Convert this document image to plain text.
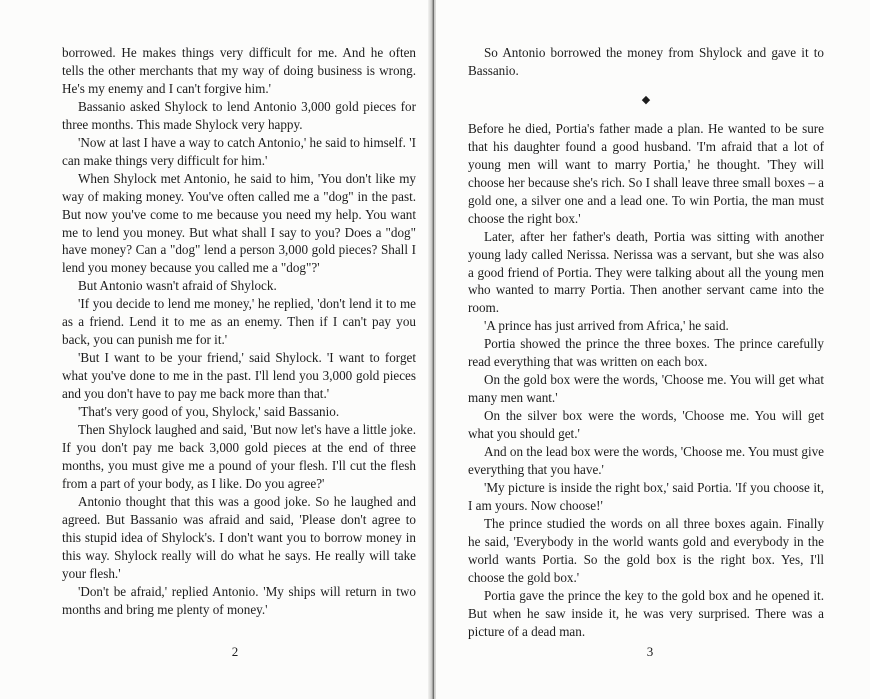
borrowed. He makes things very difficult for me. And he often tells the other merchants that my way of doing business is wrong. He's my enemy and I can't forgive him.'

Bassanio asked Shylock to lend Antonio 3,000 gold pieces for three months. This made Shylock very happy.

'Now at last I have a way to catch Antonio,' he said to himself. 'I can make things very difficult for him.'

When Shylock met Antonio, he said to him, 'You don't like my way of making money. You've often called me a "dog" in the past. But now you've come to me because you need my help. You want me to lend you money. But what shall I say to you? Does a "dog" have money? Can a "dog" lend a person 3,000 gold pieces? Shall I lend you money because you called me a "dog"?'

But Antonio wasn't afraid of Shylock.

'If you decide to lend me money,' he replied, 'don't lend it to me as a friend. Lend it to me as an enemy. Then if I can't pay you back, you can punish me for it.'

'But I want to be your friend,' said Shylock. 'I want to forget what you've done to me in the past. I'll lend you 3,000 gold pieces and you don't have to pay me back more than that.'

'That's very good of you, Shylock,' said Bassanio.

Then Shylock laughed and said, 'But now let's have a little joke. If you don't pay me back 3,000 gold pieces at the end of three months, you must give me a pound of your flesh. I'll cut the flesh from a part of your body, as I like. Do you agree?'

Antonio thought that this was a good joke. So he laughed and agreed. But Bassanio was afraid and said, 'Please don't agree to this stupid idea of Shylock's. I don't want you to borrow money in this way. Shylock really will do what he says. He really will take your flesh.'

'Don't be afraid,' replied Antonio. 'My ships will return in two months and bring me plenty of money.'

2

So Antonio borrowed the money from Shylock and gave it to Bassanio.

◆

Before he died, Portia's father made a plan. He wanted to be sure that his daughter found a good husband. 'I'm afraid that a lot of young men will want to marry Portia,' he thought. 'They will choose her because she's rich. So I shall leave three small boxes – a gold one, a silver one and a lead one. To win Portia, the man must choose the right box.'

Later, after her father's death, Portia was sitting with another young lady called Nerissa. Nerissa was a servant, but she was also a good friend of Portia. They were talking about all the young men who wanted to marry Portia. Then another servant came into the room.

'A prince has just arrived from Africa,' he said.

Portia showed the prince the three boxes. The prince carefully read everything that was written on each box.

On the gold box were the words, 'Choose me. You will get what many men want.'

On the silver box were the words, 'Choose me. You will get what you should get.'

And on the lead box were the words, 'Choose me. You must give everything that you have.'

'My picture is inside the right box,' said Portia. 'If you choose it, I am yours. Now choose!'

The prince studied the words on all three boxes again. Finally he said, 'Everybody in the world wants gold and everybody in the world wants Portia. So the gold box is the right box. Yes, I'll choose the gold box.'

Portia gave the prince the key to the gold box and he opened it. But when he saw inside it, he was very surprised. There was a picture of a dead man.

3
